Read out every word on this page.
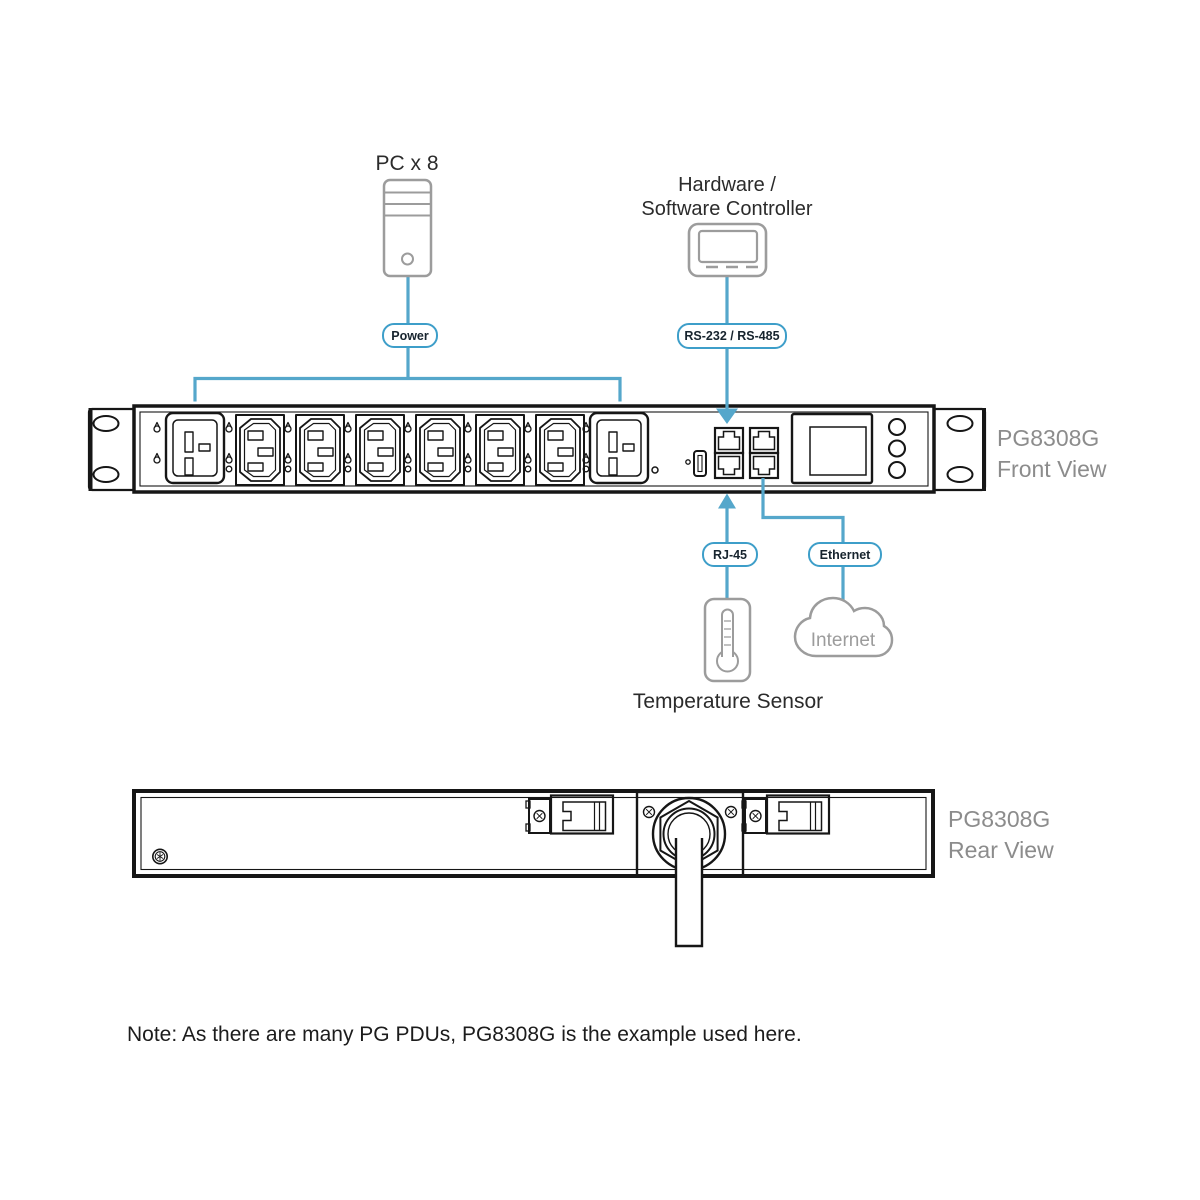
PC x 8
Hardware /
Software Controller
Power	RS-232 / RS-485
PG8308G
Front View
RJ-45	Ethernet
Internet
Temperature Sensor
PG8308G
Rear View
Note: As there are many PG PDUs, PG8308G is the example used here.
